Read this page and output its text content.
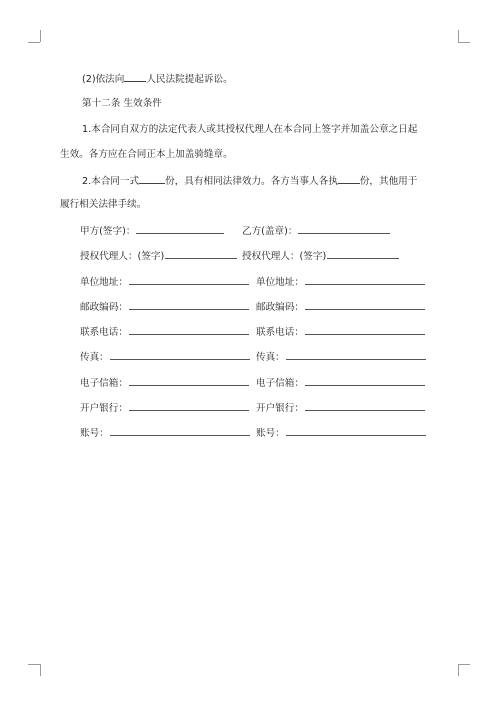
(2)依法向 人民法院提起诉讼。
第十二条 生效条件
1.本合同自双方的法定代表人或其授权代理人在本合同上签字并加盖公章之日起
生效。各方应在合同正本上加盖骑缝章。
2.本合同一式	份，具有相同法律效力。各方当事人各执 份，其他用于
履行相关法律手续。
甲方(签字)：	乙方(盖章)：
授权代理人：(签字)	授权代理人：(签字)
单位地址：	单位地址：
邮政编码：	邮政编码：
联系电话：	联系电话：
传真：	传真：
电子信箱：	电子信箱：
开户银行：	开户银行：
账号：	账号：
